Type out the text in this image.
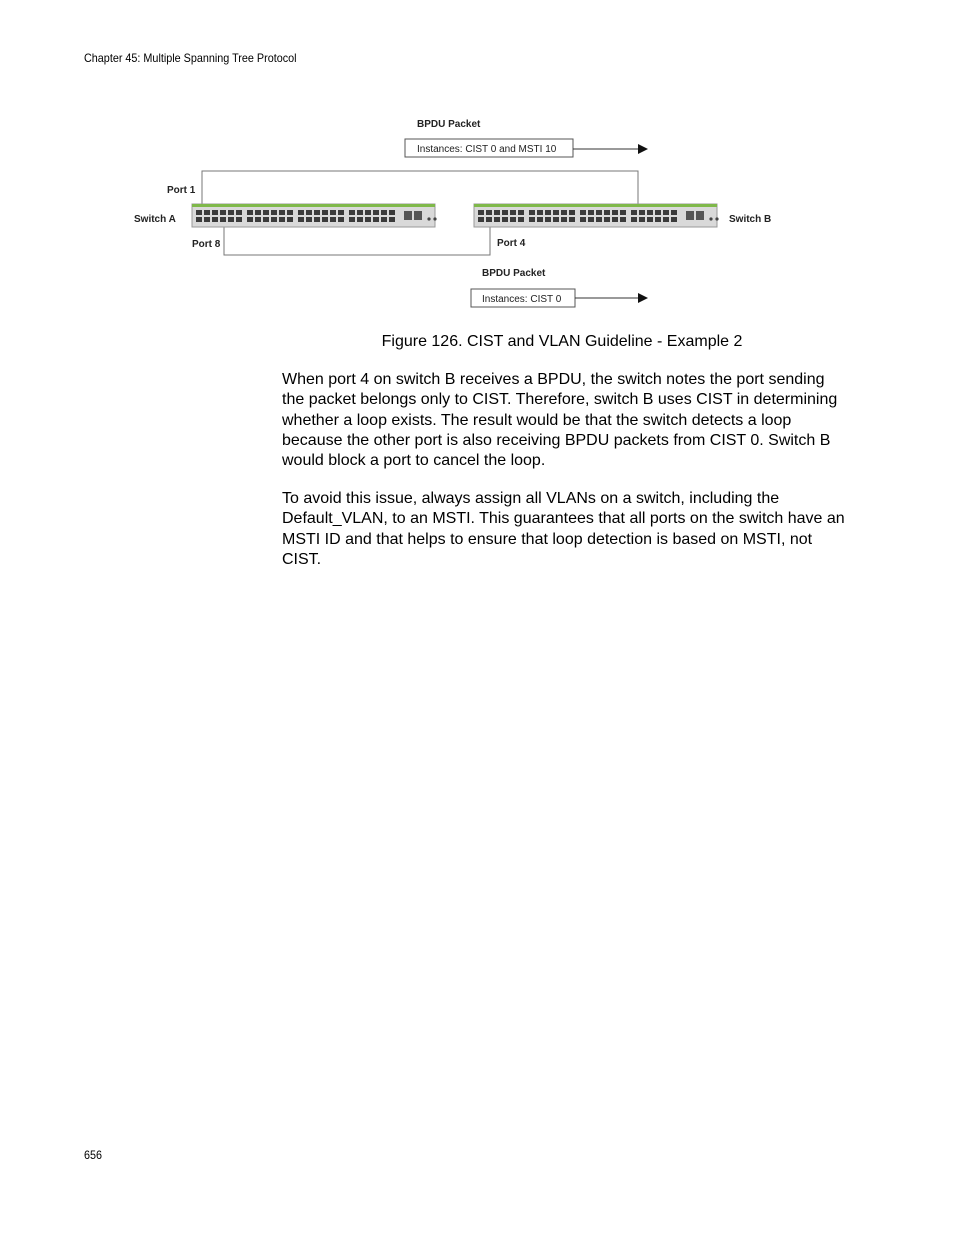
Chapter 45: Multiple Spanning Tree Protocol
BPDU Packet
Instances: CIST 0 and MSTI 10
Port 1
Switch A
Port 8
Switch B
Port 4
BPDU Packet
Instances: CIST 0
Figure 126. CIST and VLAN Guideline - Example 2

When port 4 on switch B receives a BPDU, the switch notes the port sending the packet belongs only to CIST. Therefore, switch B uses CIST in determining whether a loop exists. The result would be that the switch detects a loop because the other port is also receiving BPDU packets from CIST 0. Switch B would block a port to cancel the loop.

To avoid this issue, always assign all VLANs on a switch, including the Default_VLAN, to an MSTI. This guarantees that all ports on the switch have an MSTI ID and that helps to ensure that loop detection is based on MSTI, not CIST.

656
